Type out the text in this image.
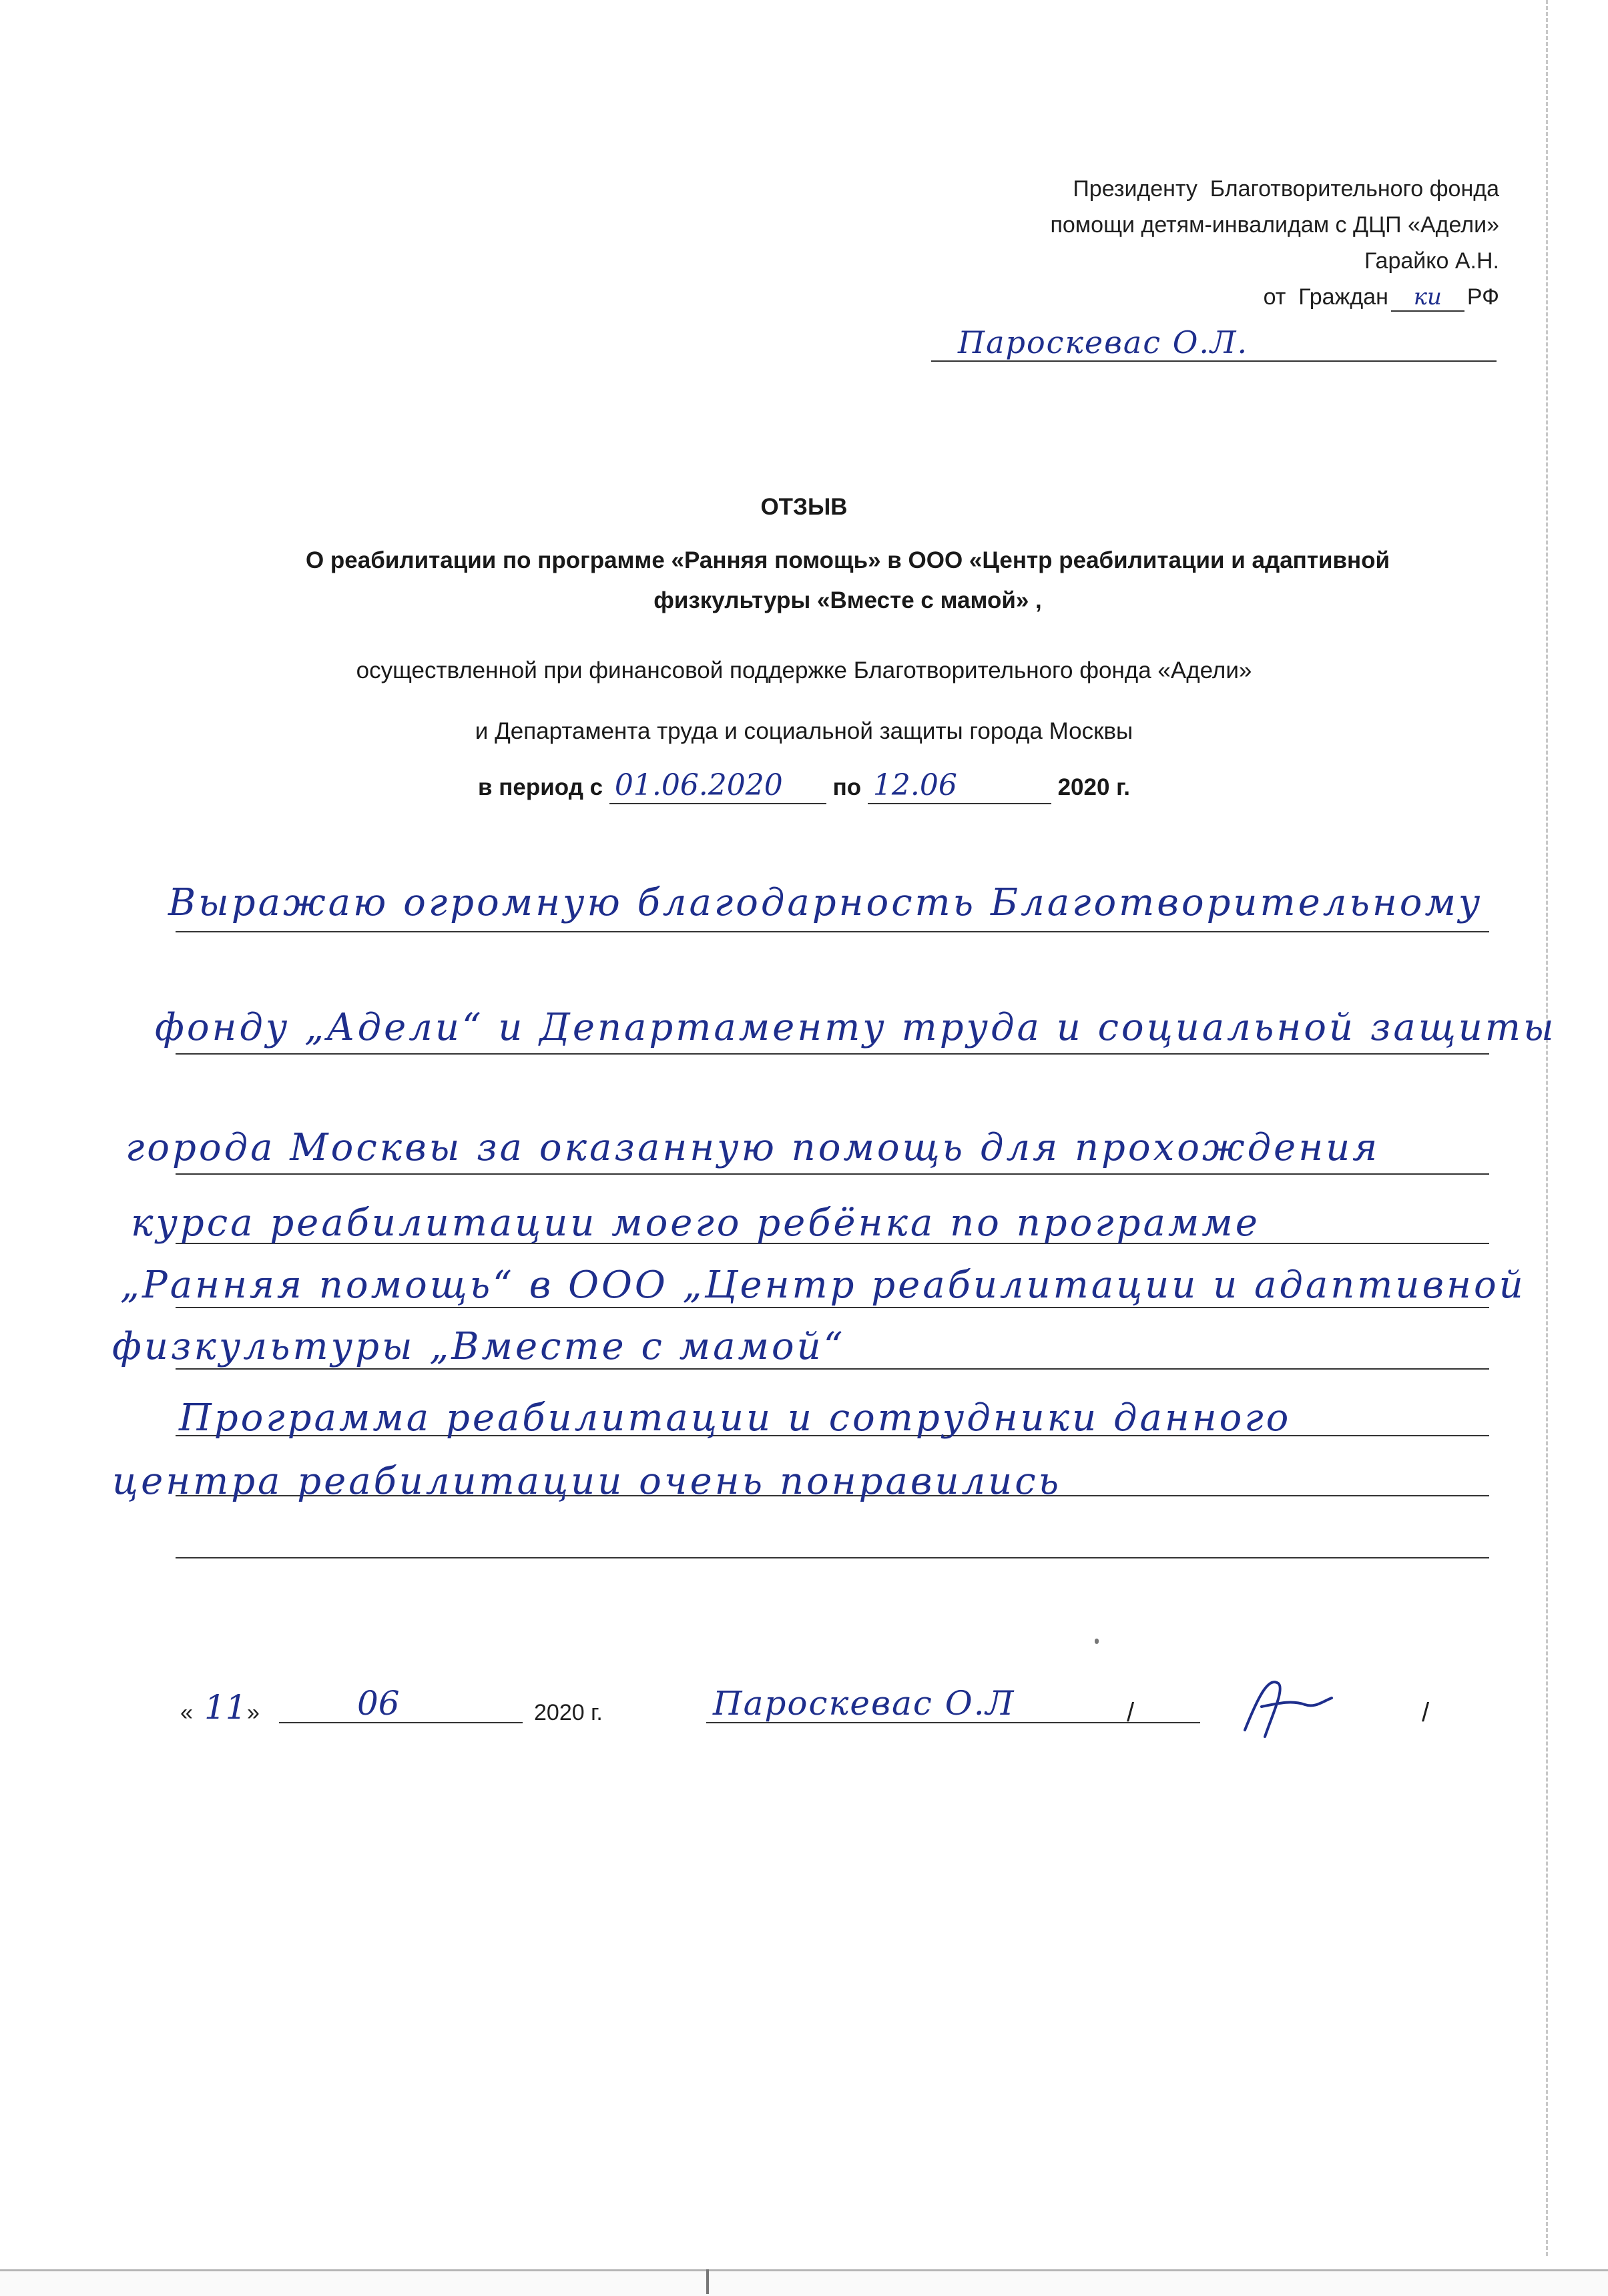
Президенту  Благотворительного фонда
помощи детям-инвалидам с ДЦП «Адели»
Гарайко А.Н.
от  Граждан ки РФ
Пароскевас О.Л.
ОТЗЫВ
О реабилитации по программе «Ранняя помощь» в ООО «Центр реабилитации и адаптивной
физкультуры «Вместе с мамой» ,
осуществленной при финансовой поддержке Благотворительного фонда «Адели»
и Департамента труда и социальной защиты города Москвы
в период с 01.06.2020 по 12.06	2020 г.
Выражаю огромную благодарность Благотворительному
фонду „Адели“ и Департаменту труда и социальной защиты
города Москвы за оказанную помощь для прохождения
курса реабилитации моего ребёнка по программе
„Ранняя помощь“ в ООО „Центр реабилитации и адаптивной
физкультуры „Вместе с мамой“
Программа реабилитации и сотрудники данного
центра реабилитации очень понравились
« 11 »	06	2020 г.	Пароскевас О.Л	/	/
